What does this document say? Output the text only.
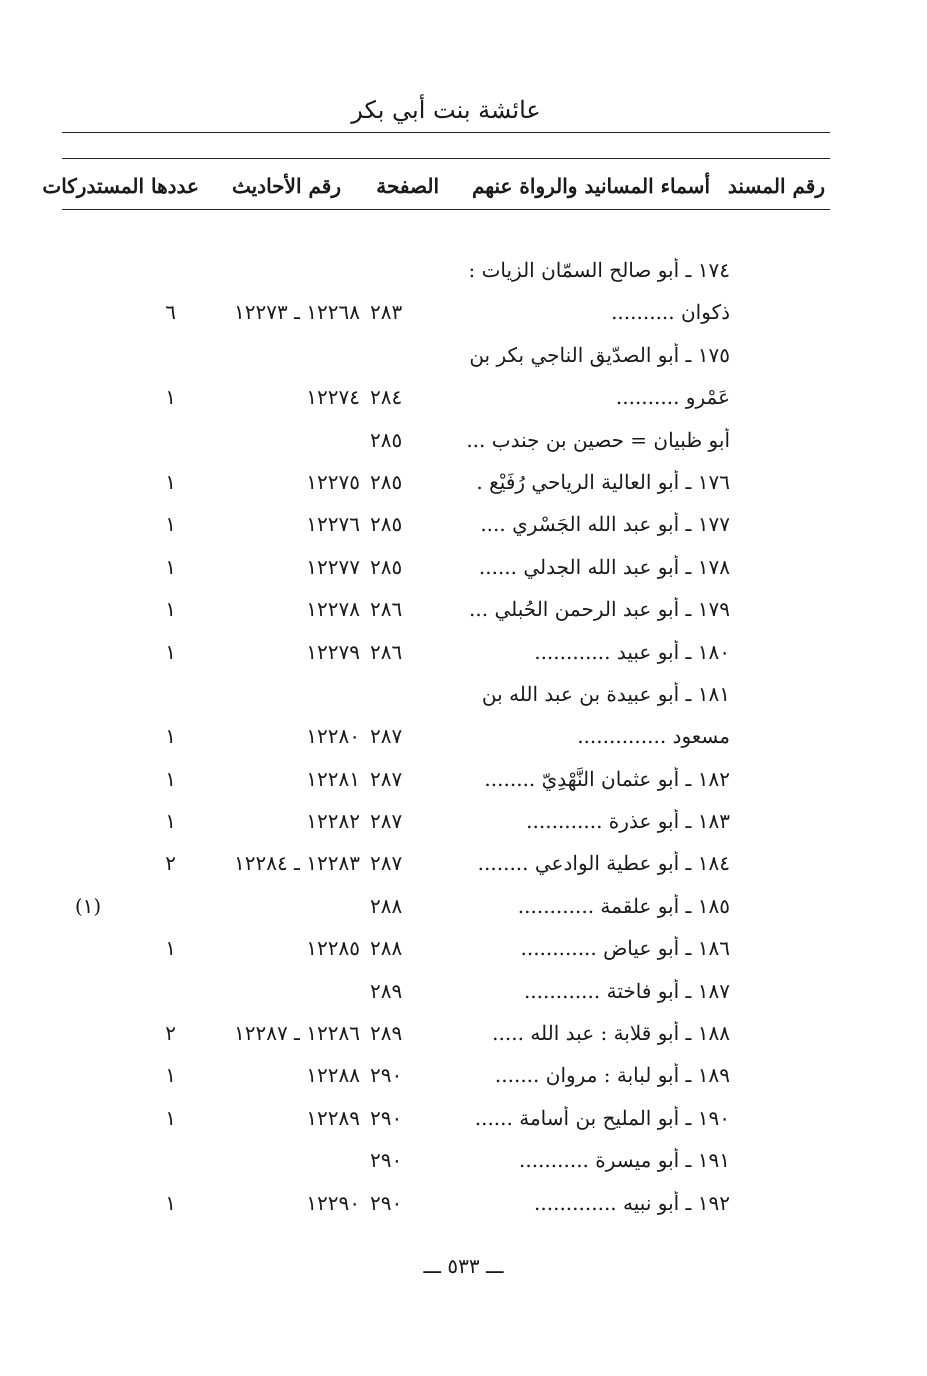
عائشة بنت أبي بكر
رقم المسند
أسماء المسانيد والرواة عنهم
الصفحة
رقم الأحاديث
عددها المستدركات
١٧٤ ـ أبو صالح السمّان الزيات :
ذكوان ..........
٢٨٣
١٢٢٦٨ ـ ١٢٢٧٣
٦
١٧٥ ـ أبو الصدّيق الناجي بكر بن
عَمْرو ..........
٢٨٤
١٢٢٧٤
١
أبو ظبيان = حصين بن جندب ...
٢٨٥
١٧٦ ـ أبو العالية الرياحي رُفَيْع .
٢٨٥
١٢٢٧٥
١
١٧٧ ـ أبو عبد الله الجَسْري ....
٢٨٥
١٢٢٧٦
١
١٧٨ ـ أبو عبد الله الجدلي ......
٢٨٥
١٢٢٧٧
١
١٧٩ ـ أبو عبد الرحمن الحُبلي ...
٢٨٦
١٢٢٧٨
١
١٨٠ ـ أبو عبيد ............
٢٨٦
١٢٢٧٩
١
١٨١ ـ أبو عبيدة بن عبد الله بن
مسعود ..............
٢٨٧
١٢٢٨٠
١
١٨٢ ـ أبو عثمان النَّهْدِيّ ........
٢٨٧
١٢٢٨١
١
١٨٣ ـ أبو عذرة ............
٢٨٧
١٢٢٨٢
١
١٨٤ ـ أبو عطية الوادعي ........
٢٨٧
١٢٢٨٣ ـ ١٢٢٨٤
٢
١٨٥ ـ أبو علقمة ............
٢٨٨
(١)
١٨٦ ـ أبو عياض ............
٢٨٨
١٢٢٨٥
١
١٨٧ ـ أبو فاختة ............
٢٨٩
١٨٨ ـ أبو قلابة : عبد الله .....
٢٨٩
١٢٢٨٦ ـ ١٢٢٨٧
٢
١٨٩ ـ أبو لبابة : مروان .......
٢٩٠
١٢٢٨٨
١
١٩٠ ـ أبو المليح بن أسامة ......
٢٩٠
١٢٢٨٩
١
١٩١ ـ أبو ميسرة ...........
٢٩٠
١٩٢ ـ أبو نبيه .............
٢٩٠
١٢٢٩٠
١
ـــ ٥٣٣ ـــ
